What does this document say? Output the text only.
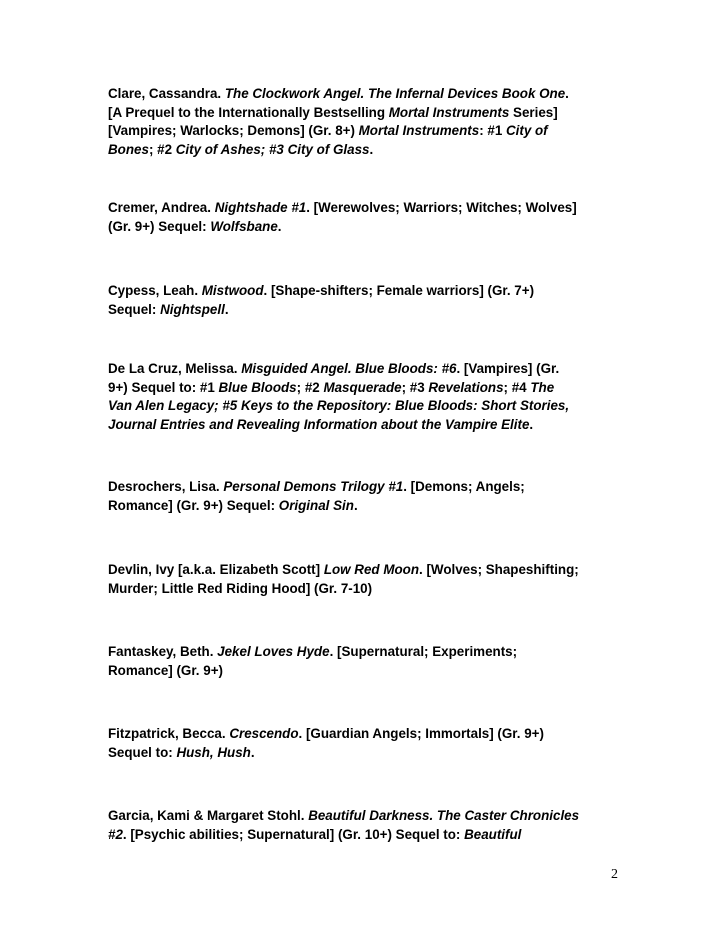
Clare, Cassandra. The Clockwork Angel. The Infernal Devices Book One.
[A Prequel to the Internationally Bestselling Mortal Instruments Series]
[Vampires; Warlocks; Demons] (Gr. 8+) Mortal Instruments: #1 City of
Bones; #2 City of Ashes; #3 City of Glass.
Cremer, Andrea. Nightshade #1. [Werewolves; Warriors; Witches; Wolves]
(Gr. 9+) Sequel: Wolfsbane.
Cypess, Leah. Mistwood. [Shape-shifters; Female warriors] (Gr. 7+)
Sequel: Nightspell.
De La Cruz, Melissa. Misguided Angel. Blue Bloods: #6. [Vampires] (Gr.
9+) Sequel to: #1 Blue Bloods; #2 Masquerade; #3 Revelations; #4 The
Van Alen Legacy; #5 Keys to the Repository: Blue Bloods: Short Stories,
Journal Entries and Revealing Information about the Vampire Elite.
Desrochers, Lisa. Personal Demons Trilogy #1. [Demons; Angels;
Romance] (Gr. 9+) Sequel: Original Sin.
Devlin, Ivy [a.k.a. Elizabeth Scott] Low Red Moon. [Wolves; Shapeshifting;
Murder; Little Red Riding Hood] (Gr. 7-10)
Fantaskey, Beth. Jekel Loves Hyde. [Supernatural; Experiments;
Romance] (Gr. 9+)
Fitzpatrick, Becca. Crescendo. [Guardian Angels; Immortals] (Gr. 9+)
Sequel to: Hush, Hush.
Garcia, Kami & Margaret Stohl. Beautiful Darkness. The Caster Chronicles
#2. [Psychic abilities; Supernatural] (Gr. 10+) Sequel to: Beautiful
2
